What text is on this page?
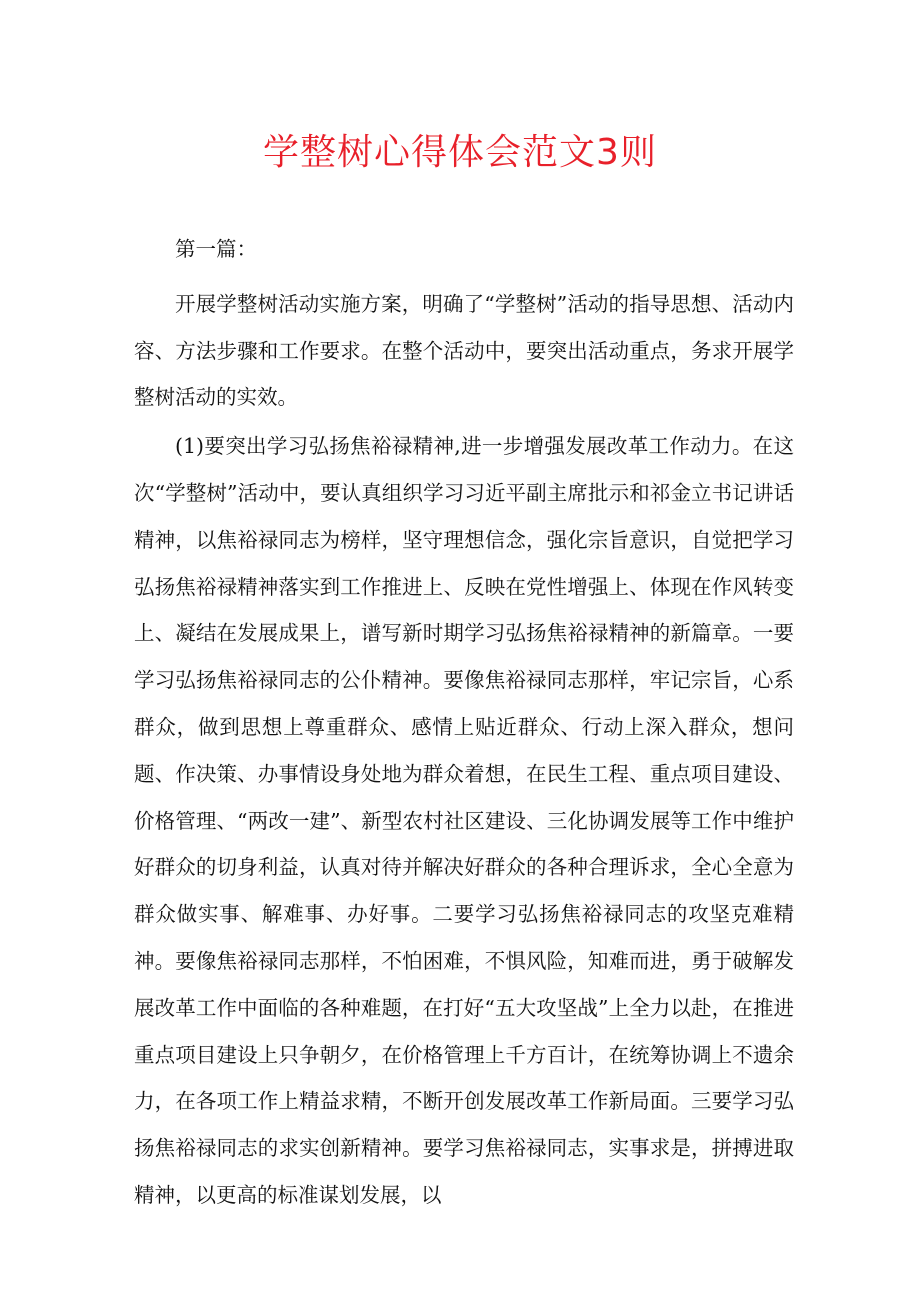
学整树心得体会范文3则

第一篇：

开展学整树活动实施方案，明确了“学整树”活动的指导思想、活动内容、方法步骤和工作要求。在整个活动中，要突出活动重点，务求开展学整树活动的实效。

(1)要突出学习弘扬焦裕禄精神,进一步增强发展改革工作动力。在这次“学整树”活动中，要认真组织学习习近平副主席批示和祁金立书记讲话精神，以焦裕禄同志为榜样，坚守理想信念，强化宗旨意识，自觉把学习弘扬焦裕禄精神落实到工作推进上、反映在党性增强上、体现在作风转变上、凝结在发展成果上，谱写新时期学习弘扬焦裕禄精神的新篇章。一要学习弘扬焦裕禄同志的公仆精神。要像焦裕禄同志那样，牢记宗旨，心系群众，做到思想上尊重群众、感情上贴近群众、行动上深入群众，想问题、作决策、办事情设身处地为群众着想，在民生工程、重点项目建设、价格管理、“两改一建”、新型农村社区建设、三化协调发展等工作中维护好群众的切身利益，认真对待并解决好群众的各种合理诉求，全心全意为群众做实事、解难事、办好事。二要学习弘扬焦裕禄同志的攻坚克难精神。要像焦裕禄同志那样，不怕困难，不惧风险，知难而进，勇于破解发展改革工作中面临的各种难题，在打好“五大攻坚战”上全力以赴，在推进重点项目建设上只争朝夕，在价格管理上千方百计，在统筹协调上不遗余力，在各项工作上精益求精，不断开创发展改革工作新局面。三要学习弘扬焦裕禄同志的求实创新精神。要学习焦裕禄同志，实事求是，拼搏进取精神，以更高的标准谋划发展，以
